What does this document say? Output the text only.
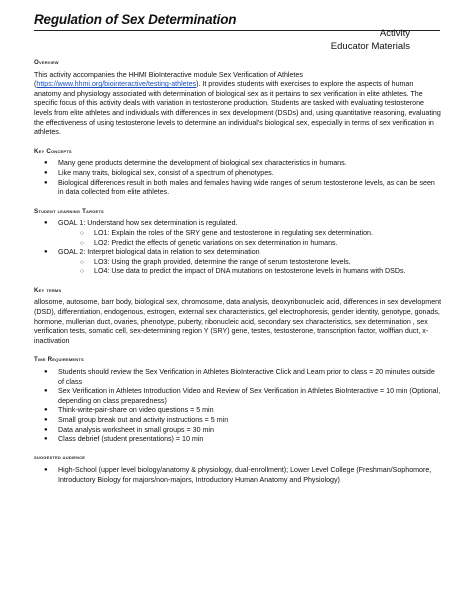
Regulation of Sex Determination
Activity
Educator Materials
Overview

This activity accompanies the HHMI BioInteractive module Sex Verification of Athletes (https://www.hhmi.org/biointeractive/testing-athletes). It provides students with exercises to explore the aspects of human anatomy and physiology associated with determination of biological sex as it pertains to sex verification in elite athletes. The specific focus of this activity deals with variation in testosterone production. Students are tasked with evaluating testosterone levels from elite athletes and individuals with differences in sex development (DSDs) and, using quantitative reasoning, evaluating the effectiveness of using testosterone levels to determine an individual's biological sex, especially in terms of sex verification in athletes.

Key Concepts
● Many gene products determine the development of biological sex characteristics in humans.
● Like many traits, biological sex, consist of a spectrum of phenotypes.
● Biological differences result in both males and females having wide ranges of serum testosterone levels, as can be seen in data collected from elite athletes.
Student learning Targets
● GOAL 1: Understand how sex determination is regulated.
○ LO1: Explain the roles of the SRY gene and testosterone in regulating sex determination.
○ LO2: Predict the effects of genetic variations on sex determination in humans.
● GOAL 2: Interpret biological data in relation to sex determination
○ LO3: Using the graph provided, determine the range of serum testosterone levels.
○ LO4: Use data to predict the impact of DNA mutations on testosterone levels in humans with DSDs.
Key terms

allosome, autosome, barr body, biological sex, chromosome, data analysis, deoxyribonucleic acid, differences in sex development (DSD), differentiation, endogenous, estrogen, external sex characteristics, gel electrophoresis, gender identity, genotype, gonads, hormone, mullerian duct, ovaries, phenotype, puberty, ribonucleic acid, secondary sex characteristics, sex determination , sex verification tests, somatic cell, sex-determining region Y (SRY) gene, testes, testosterone, transcription factor, wolffian duct, x-inactivation

Time Requirements
● Students should review the Sex Verification in Athletes BioInteractive Click and Learn prior to class = 20 minutes outside of class
● Sex Verification in Athletes Introduction Video and Review of Sex Verification in Athletes BioInteractive = 10 min (Optional, depending on class preparedness)
● Think-write-pair-share on video questions = 5 min
● Small group break out and activity instructions = 5 min
● Data analysis worksheet in small groups = 30 min
● Class debrief (student presentations) = 10 min
suggested audience
● High-School (upper level biology/anatomy & physiology, dual-enrollment); Lower Level College (Freshman/Sophomore, Introductory Biology for majors/non-majors, Introductory Human Anatomy and Physiology)
